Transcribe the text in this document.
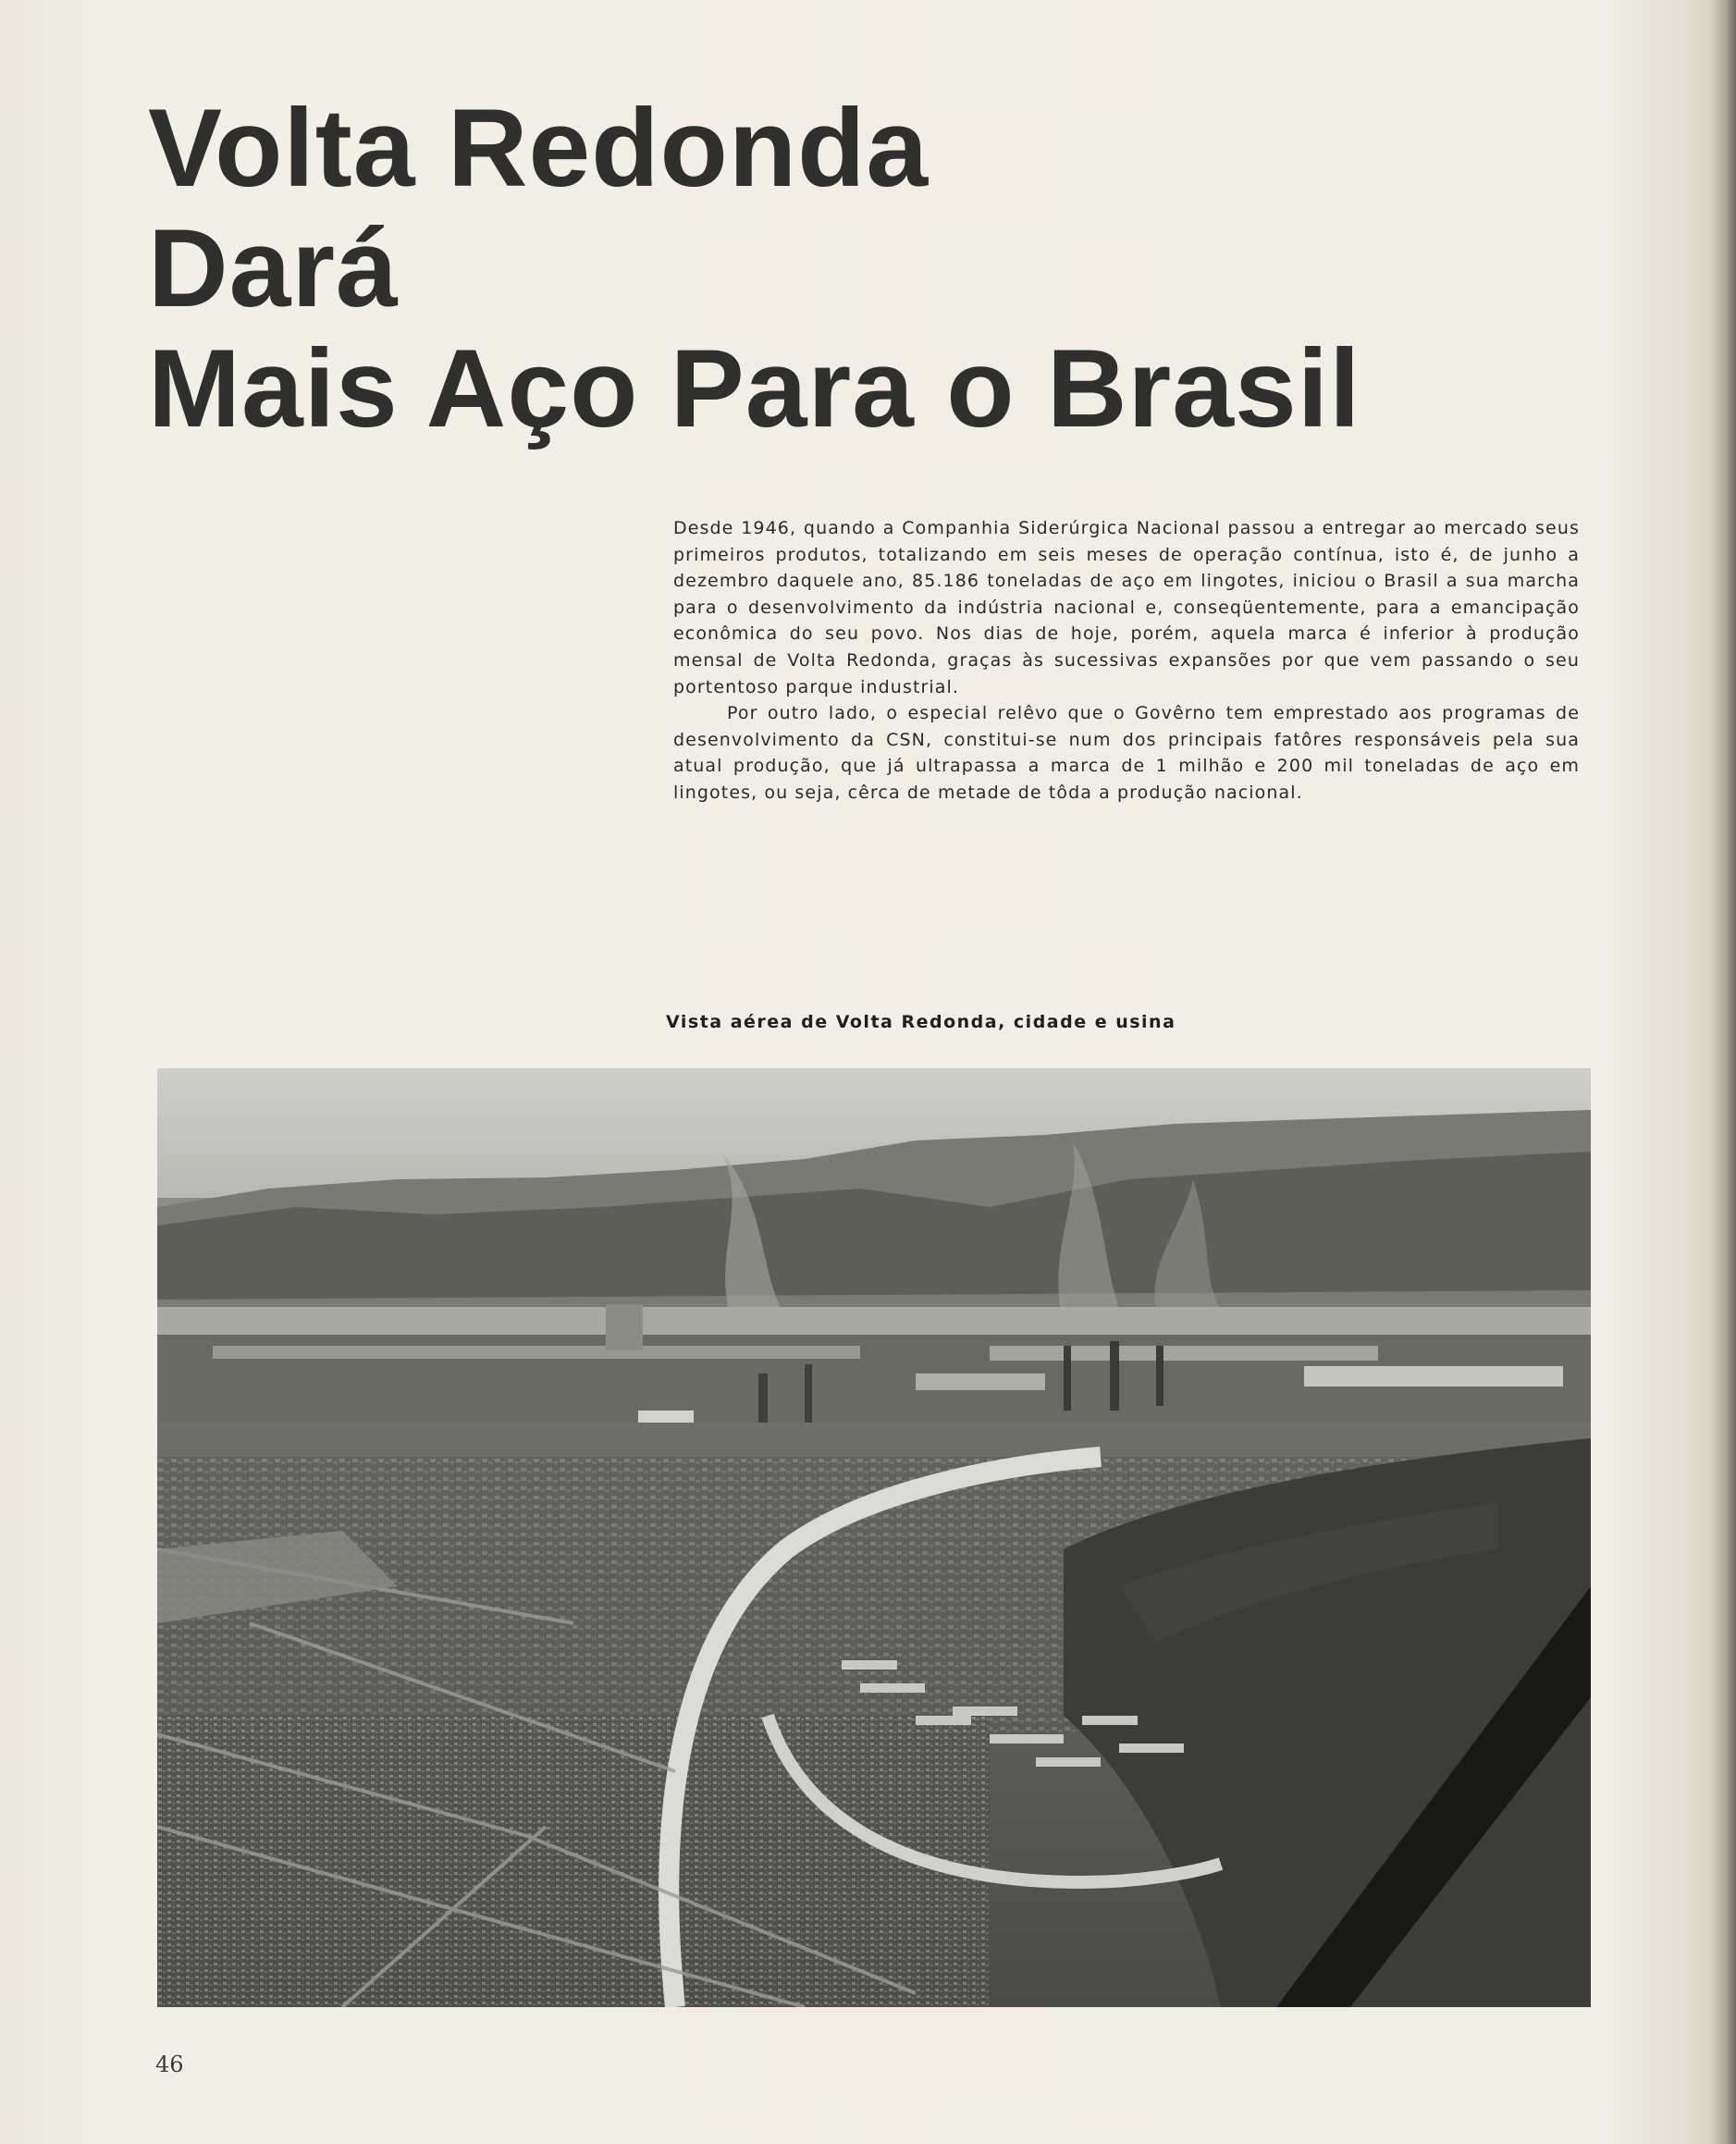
Volta Redonda
Dará
Mais Aço Para o Brasil

Desde 1946, quando a Companhia Siderúrgica Nacional passou a entregar ao mercado seus primeiros produtos, totalizando em seis meses de operação contínua, isto é, de junho a dezembro daquele ano, 85.186 toneladas de aço em lingotes, iniciou o Brasil a sua marcha para o desenvolvimento da indústria nacional e, conseqüentemente, para a emancipação econômica do seu povo. Nos dias de hoje, porém, aquela marca é inferior à produção mensal de Volta Redonda, graças às sucessivas expansões por que vem passando o seu portentoso parque industrial.

Por outro lado, o especial relêvo que o Govêrno tem emprestado aos programas de desenvolvimento da CSN, constitui-se num dos principais fatôres responsáveis pela sua atual produção, que já ultrapassa a marca de 1 milhão e 200 mil toneladas de aço em lingotes, ou seja, cêrca de metade de tôda a produção nacional.

Vista aérea de Volta Redonda, cidade e usina
46
